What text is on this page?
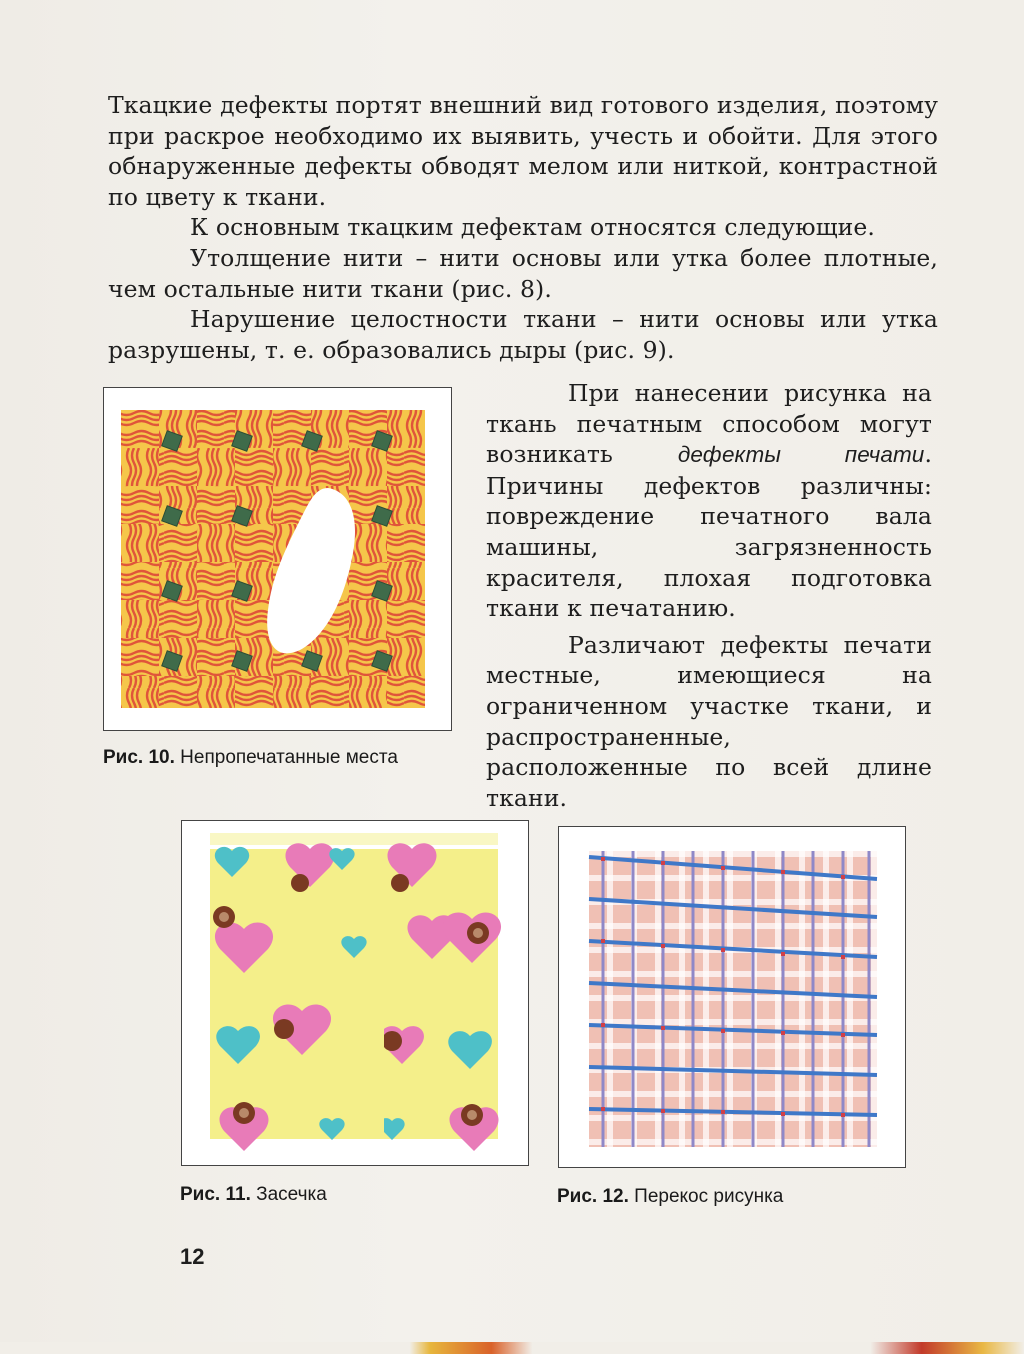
Ткацкие дефекты портят внешний вид готового изделия, поэтому при раскрое необходимо их выявить, учесть и обойти. Для этого обнаруженные дефекты обводят мелом или ниткой, контрастной по цвету к ткани.

К основным ткацким дефектам относятся следующие.

Утолщение нити – нити основы или утка более плотные, чем остальные нити ткани (рис. 8).

Нарушение целостности ткани – нити основы или утка разрушены, т. е. образовались дыры (рис. 9).

При нанесении рисунка на ткань печатным способом могут возникать дефекты печати. Причины дефектов различны: повреждение печатного вала машины, загрязненность красителя, плохая подготовка ткани к печатанию.

Различают дефекты печати местные, имеющиеся на ограниченном участке ткани, и распространенные, расположенные по всей длине ткани.

Рис. 10. Непропечатанные места
Рис. 11. Засечка	Рис. 12. Перекос рисунка
12
